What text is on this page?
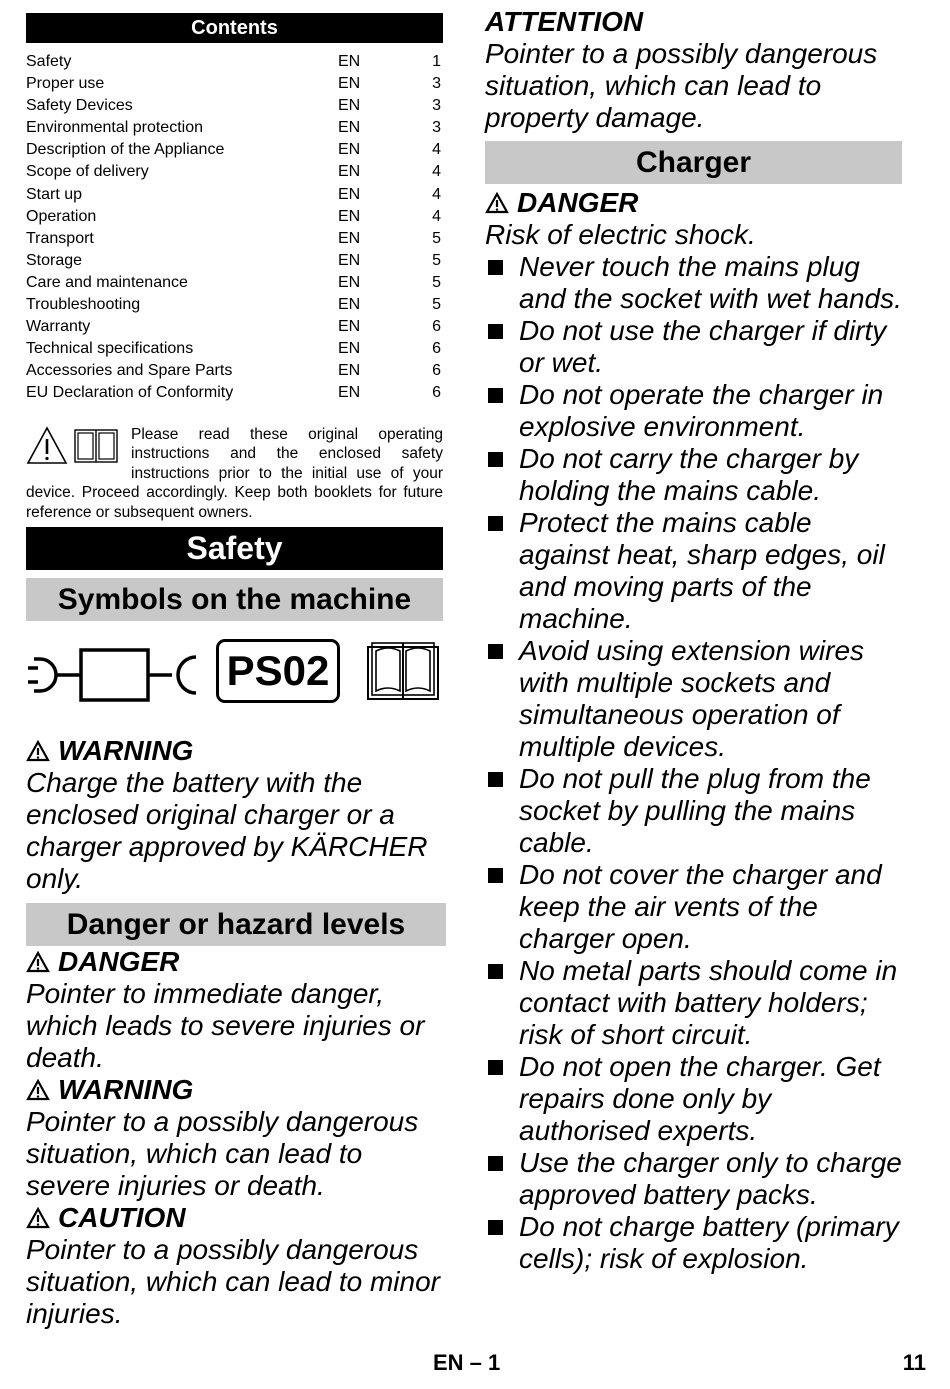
Contents
Safety	EN	1
Proper use	EN	3
Safety Devices	EN	3
Environmental protection	EN	3
Description of the Appliance	EN	4
Scope of delivery	EN	4
Start up	EN	4
Operation	EN	4
Transport	EN	5
Storage	EN	5
Care and maintenance	EN	5
Troubleshooting	EN	5
Warranty	EN	6
Technical specifications	EN	6
Accessories and Spare Parts	EN	6
EU Declaration of Conformity	EN	6
Please read these original operating instructions and the enclosed safety instructions prior to the initial use of your device. Proceed accordingly. Keep both booklets for future reference or subsequent owners.
Safety
Symbols on the machine
PS02
WARNING
Charge the battery with the enclosed original charger or a charger approved by KÄRCHER only.
Danger or hazard levels
DANGER
Pointer to immediate danger, which leads to severe injuries or death.
WARNING
Pointer to a possibly dangerous situation, which can lead to severe injuries or death.
CAUTION
Pointer to a possibly dangerous situation, which can lead to minor injuries.
ATTENTION
Pointer to a possibly dangerous situation, which can lead to property damage.
Charger
DANGER
Risk of electric shock.
Never touch the mains plug and the socket with wet hands.
Do not use the charger if dirty or wet.
Do not operate the charger in explosive environment.
Do not carry the charger by holding the mains cable.
Protect the mains cable against heat, sharp edges, oil and moving parts of the machine.
Avoid using extension wires with multiple sockets and simultaneous operation of multiple devices.
Do not pull the plug from the socket by pulling the mains cable.
Do not cover the charger and keep the air vents of the charger open.
No metal parts should come in contact with battery holders; risk of short circuit.
Do not open the charger. Get repairs done only by authorised experts.
Use the charger only to charge approved battery packs.
Do not charge battery (primary cells); risk of explosion.
EN – 1	11
